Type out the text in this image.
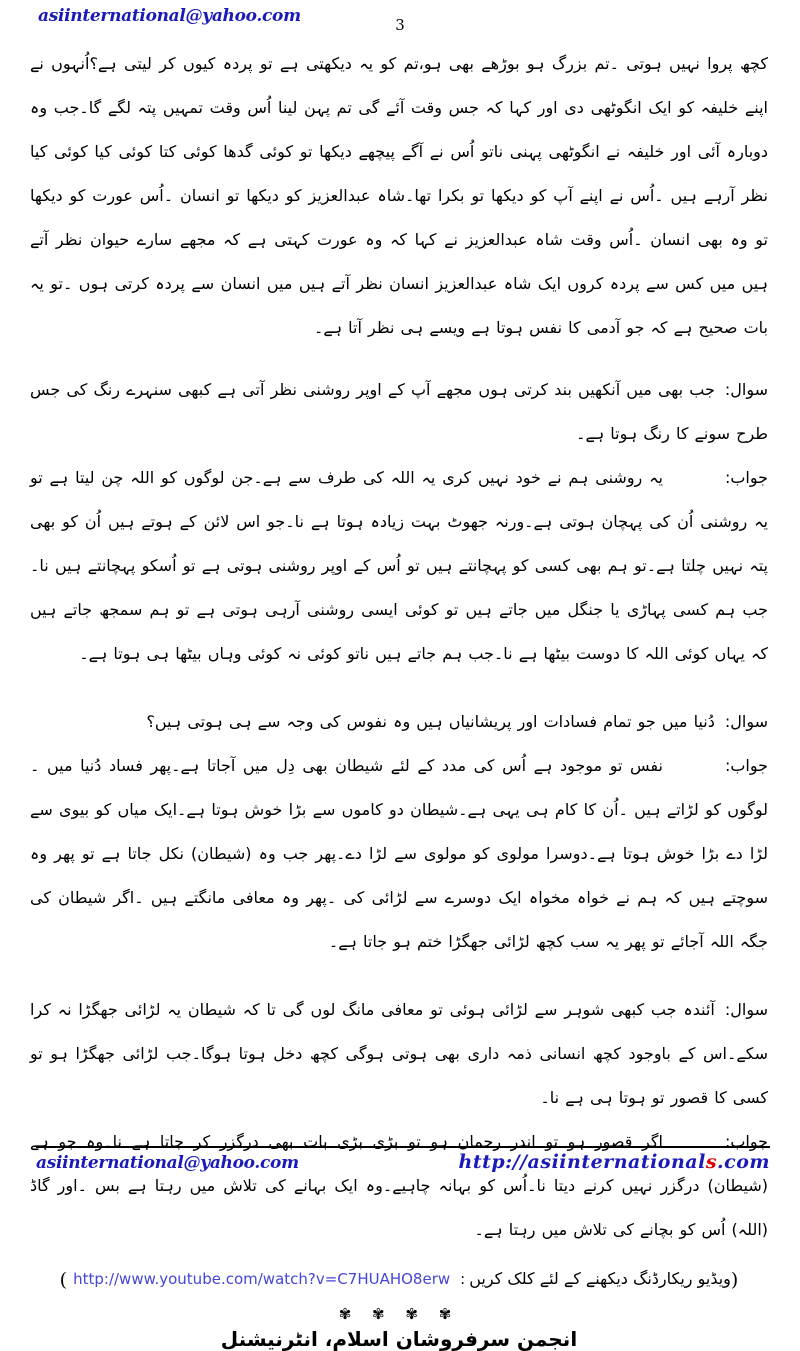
asiinternational@yahoo.com	3

کچھ پروا نہیں ہوتی ۔تم بزرگ ہو بوڑھے بھی ہو،تم کو یہ دیکھتی ہے تو پردہ کیوں کر لیتی ہے؟اُنہوں نے اپنے خلیفہ کو ایک انگوٹھی دی اور کہا کہ جس وقت آئے گی تم پہن لینا اُس وقت تمہیں پتہ لگے گا۔جب وہ دوبارہ آئی اور خلیفہ نے انگوٹھی پہنی ناتو اُس نے آگے پیچھے دیکھا تو کوئی گدھا کوئی کتا کوئی کیا کوئی کیا نظر آرہے ہیں ۔اُس نے اپنے آپ کو دیکھا تو بکرا تھا۔شاہ عبدالعزیز کو دیکھا تو انسان ۔اُس عورت کو دیکھا تو وہ بھی انسان ۔اُس وقت شاہ عبدالعزیز نے کہا کہ وہ عورت کہتی ہے کہ مجھے سارے حیوان نظر آتے ہیں میں کس سے پردہ کروں ایک شاہ عبدالعزیز انسان نظر آتے ہیں میں انسان سے پردہ کرتی ہوں ۔تو یہ بات صحیح ہے کہ جو آدمی کا نفس ہوتا ہے ویسے ہی نظر آتا ہے۔

سوال:جب بھی میں آنکھیں بند کرتی ہوں مجھے آپ کے اوپر روشنی نظر آتی ہے کبھی سنہرے رنگ کی جس طرح سونے کا رنگ ہوتا ہے۔

جواب:یہ روشنی ہم نے خود نہیں کری یہ اللہ کی طرف سے ہے۔جن لوگوں کو اللہ چن لیتا ہے تو یہ روشنی اُن کی پہچان ہوتی ہے۔ورنہ جھوٹ بہت زیادہ ہوتا ہے نا۔جو اس لائن کے ہوتے ہیں اُن کو بھی پتہ نہیں چلتا ہے۔تو ہم بھی کسی کو پہچانتے ہیں تو اُس کے اوپر روشنی ہوتی ہے تو اُسکو پہچانتے ہیں نا۔جب ہم کسی پہاڑی یا جنگل میں جاتے ہیں تو کوئی ایسی روشنی آرہی ہوتی ہے تو ہم سمجھ جاتے ہیں کہ یہاں کوئی اللہ کا دوست بیٹھا ہے نا۔جب ہم جاتے ہیں ناتو کوئی نہ کوئی وہاں بیٹھا ہی ہوتا ہے۔

سوال:دُنیا میں جو تمام فسادات اور پریشانیاں ہیں وہ نفوس کی وجہ سے ہی ہوتی ہیں؟

جواب:نفس تو موجود ہے اُس کی مدد کے لئے شیطان بھی دِل میں آجاتا ہے۔پھر فساد دُنیا میں ۔لوگوں کو لڑاتے ہیں ۔اُن کا کام ہی یہی ہے۔شیطان دو کاموں سے بڑا خوش ہوتا ہے۔ایک میاں کو بیوی سے لڑا دے بڑا خوش ہوتا ہے۔دوسرا مولوی کو مولوی سے لڑا دے۔پھر جب وہ (شیطان) نکل جاتا ہے تو پھر وہ سوچتے ہیں کہ ہم نے خواہ مخواہ ایک دوسرے سے لڑائی کی ۔پھر وہ معافی مانگتے ہیں ۔اگر شیطان کی جگہ اللہ آجائے تو پھر یہ سب کچھ لڑائی جھگڑا ختم ہو جاتا ہے۔

سوال:آئندہ جب کبھی شوہر سے لڑائی ہوئی تو معافی مانگ لوں گی تا کہ شیطان یہ لڑائی جھگڑا نہ کرا سکے۔اس کے باوجود کچھ انسانی ذمہ داری بھی ہوتی ہوگی کچھ دخل ہوتا ہوگا۔جب لڑائی جھگڑا ہو تو کسی کا قصور تو ہوتا ہی ہے نا۔

جواب:اگر قصور ہو تو اندر رحمان ہو تو بڑی بڑی بات بھی درگزر کر جاتا ہے نا۔وہ جو ہے (شیطان) درگزر نہیں کرنے دیتا نا۔اُس کو بہانہ چاہیے۔وہ ایک بہانے کی تلاش میں رہتا ہے بس ۔اور گاڈ (اللہ) اُس کو بچانے کی تلاش میں رہتا ہے۔

( http://www.youtube.com/watch?v=C7HUAHO8erw : ویڈیو ریکارڈنگ دیکھنے کے لئے کلک کریں)
✾ ✾ ✾ ✾
انجمن سرفروشان اسلام، انٹرنیشنل
asiinternational@yahoo.com	http://asiinternationals.com
